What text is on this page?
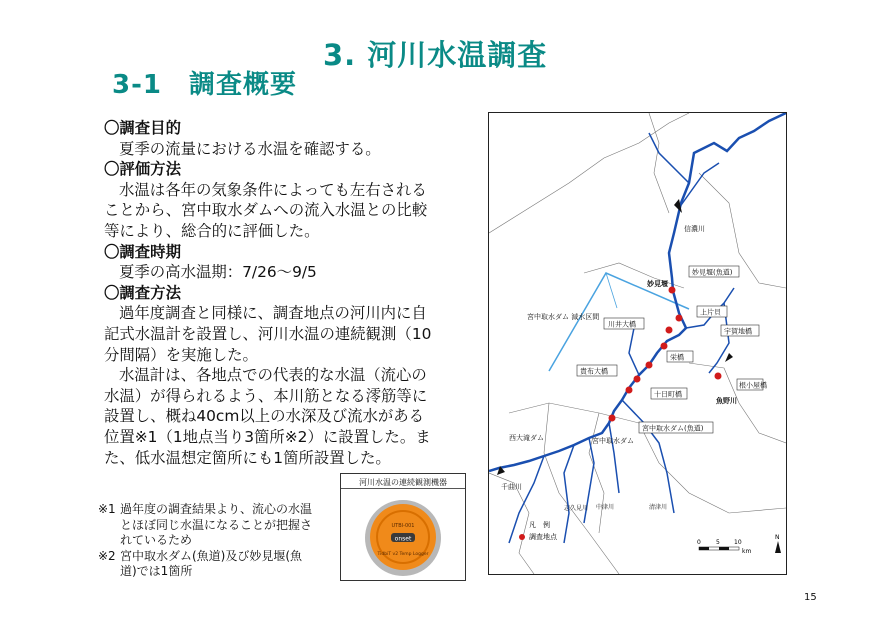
3. 河川水温調査
3-1　調査概要
〇調査目的
夏季の流量における水温を確認する。
〇評価方法
水温は各年の気象条件によっても左右される
ことから、宮中取水ダムへの流入水温との比較
等により、総合的に評価した。
〇調査時期
夏季の高水温期：7/26〜9/5
〇調査方法
過年度調査と同様に、調査地点の河川内に自
記式水温計を設置し、河川水温の連続観測（10
分間隔）を実施した。
水温計は、各地点での代表的な水温（流心の
水温）が得られるよう、本川筋となる澪筋等に
設置し、概ね40cm以上の水深及び流水がある
位置※1（1地点当り3箇所※2）に設置した。ま
た、低水温想定箇所にも1箇所設置した。
※1 過年度の調査結果より、流心の水温
とほぼ同じ水温になることが把握さ
れているため
※2 宮中取水ダム(魚道)及び妙見堰(魚
道)では1箇所
河川水温の連続観測機器
onset
UTBI-001
TidbiT v2 Temp Logger
妙見堰(魚道)
上片貝
川井大橋
宇賀地橋
栄橋
根小屋橋
十日町橋
宮中取水ダム(魚道)
貴布大橋
信濃川
妙見堰
魚野川
西大滝ダム	宮中取水ダム
千曲川
宮中取水ダム 減水区間
中津川	清津川
志久見川
凡　例
調査地点
0	5 10
km
N
15
